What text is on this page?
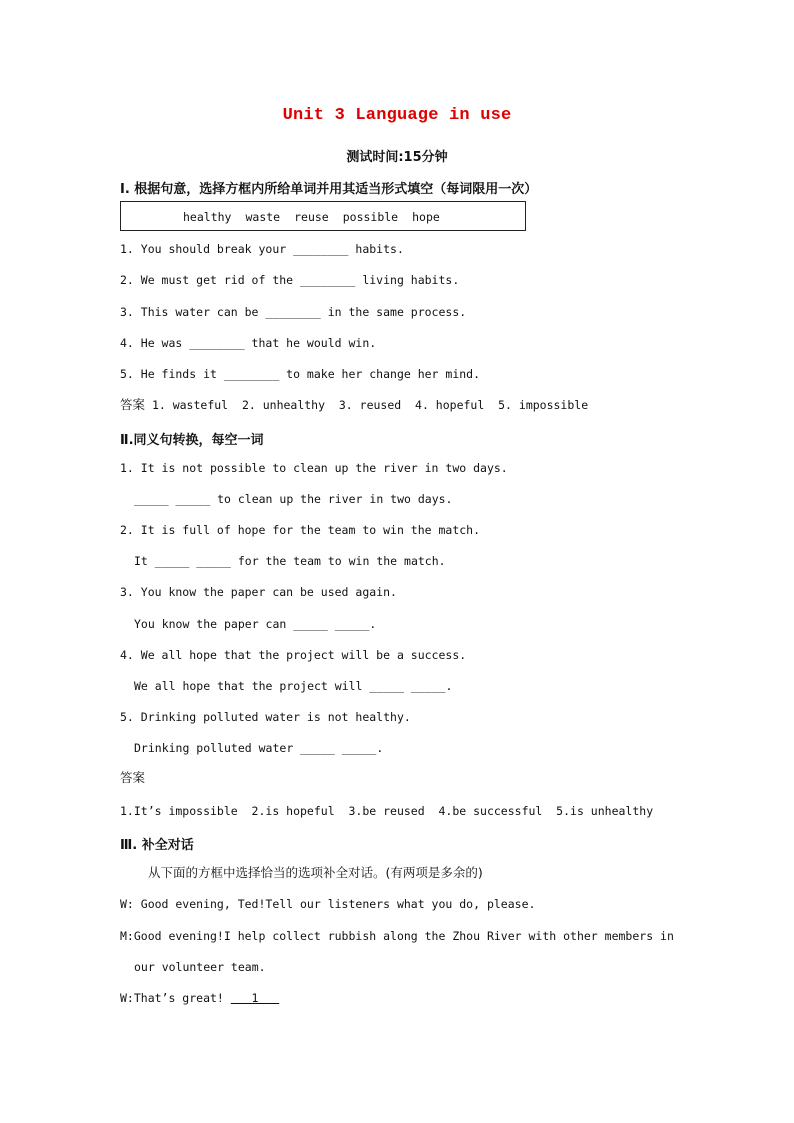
Unit 3 Language in use
测试时间:15分钟
Ⅰ. 根据句意，选择方框内所给单词并用其适当形式填空（每词限用一次）
healthy waste reuse possible hope
1. You should break your ________ habits.
2. We must get rid of the ________ living habits.
3. This water can be ________ in the same process.
4. He was ________ that he would win.
5. He finds it ________ to make her change her mind.
答案 1. wasteful  2. unhealthy  3. reused  4. hopeful  5. impossible
Ⅱ.同义句转换，每空一词
1. It is not possible to clean up the river in two days.
_____ _____ to clean up the river in two days.
2. It is full of hope for the team to win the match.
It _____ _____ for the team to win the match.
3. You know the paper can be used again.
You know the paper can _____ _____.
4. We all hope that the project will be a success.
We all hope that the project will _____ _____.
5. Drinking polluted water is not healthy.
Drinking polluted water _____ _____.
答案
1.It’s impossible  2.is hopeful  3.be reused  4.be successful  5.is unhealthy
Ⅲ. 补全对话
从下面的方框中选择恰当的选项补全对话。(有两项是多余的)
W: Good evening, Ted!Tell our listeners what you do, please.
M:Good evening!I help collect rubbish along the Zhou River with other members in
our volunteer team.
W:That’s great!    1
